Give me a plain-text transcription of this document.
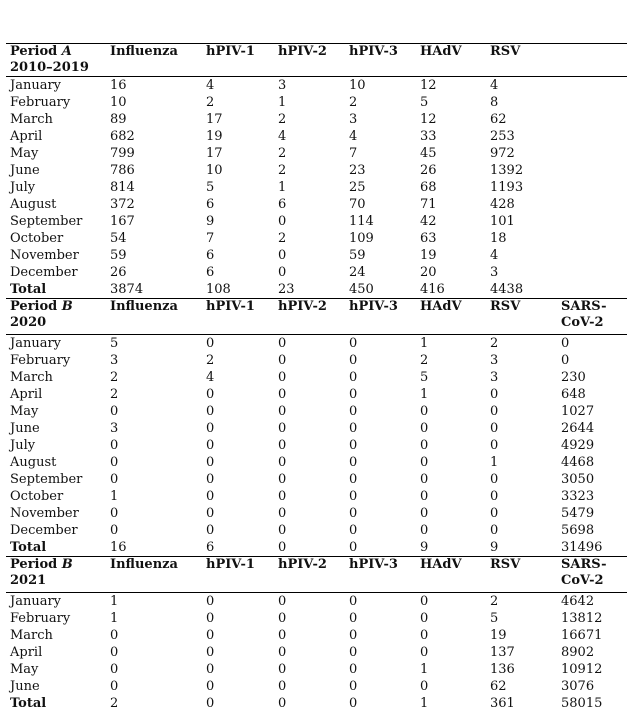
Period A
2010–2019	Influenza	hPIV-1	hPIV-2	hPIV-3	HAdV	RSV	
January	16	4	3	10	12	4	
February	10	2	1	2	5	8	
March	89	17	2	3	12	62	
April	682	19	4	4	33	253	
May	799	17	2	7	45	972	
June	786	10	2	23	26	1392	
July	814	5	1	25	68	1193	
August	372	6	6	70	71	428	
September	167	9	0	114	42	101	
October	54	7	2	109	63	18	
November	59	6	0	59	19	4	
December	26	6	0	24	20	3	
Total	3874	108	23	450	416	4438	
Period B
2020	Influenza	hPIV-1	hPIV-2	hPIV-3	HAdV	RSV	SARS-CoV-2
January	5	0	0	0	1	2	0
February	3	2	0	0	2	3	0
March	2	4	0	0	5	3	230
April	2	0	0	0	1	0	648
May	0	0	0	0	0	0	1027
June	3	0	0	0	0	0	2644
July	0	0	0	0	0	0	4929
August	0	0	0	0	0	1	4468
September	0	0	0	0	0	0	3050
October	1	0	0	0	0	0	3323
November	0	0	0	0	0	0	5479
December	0	0	0	0	0	0	5698
Total	16	6	0	0	9	9	31496
Period B
2021	Influenza	hPIV-1	hPIV-2	hPIV-3	HAdV	RSV	SARS-CoV-2
January	1	0	0	0	0	2	4642
February	1	0	0	0	0	5	13812
March	0	0	0	0	0	19	16671
April	0	0	0	0	0	137	8902
May	0	0	0	0	1	136	10912
June	0	0	0	0	0	62	3076
Total	2	0	0	0	1	361	58015
